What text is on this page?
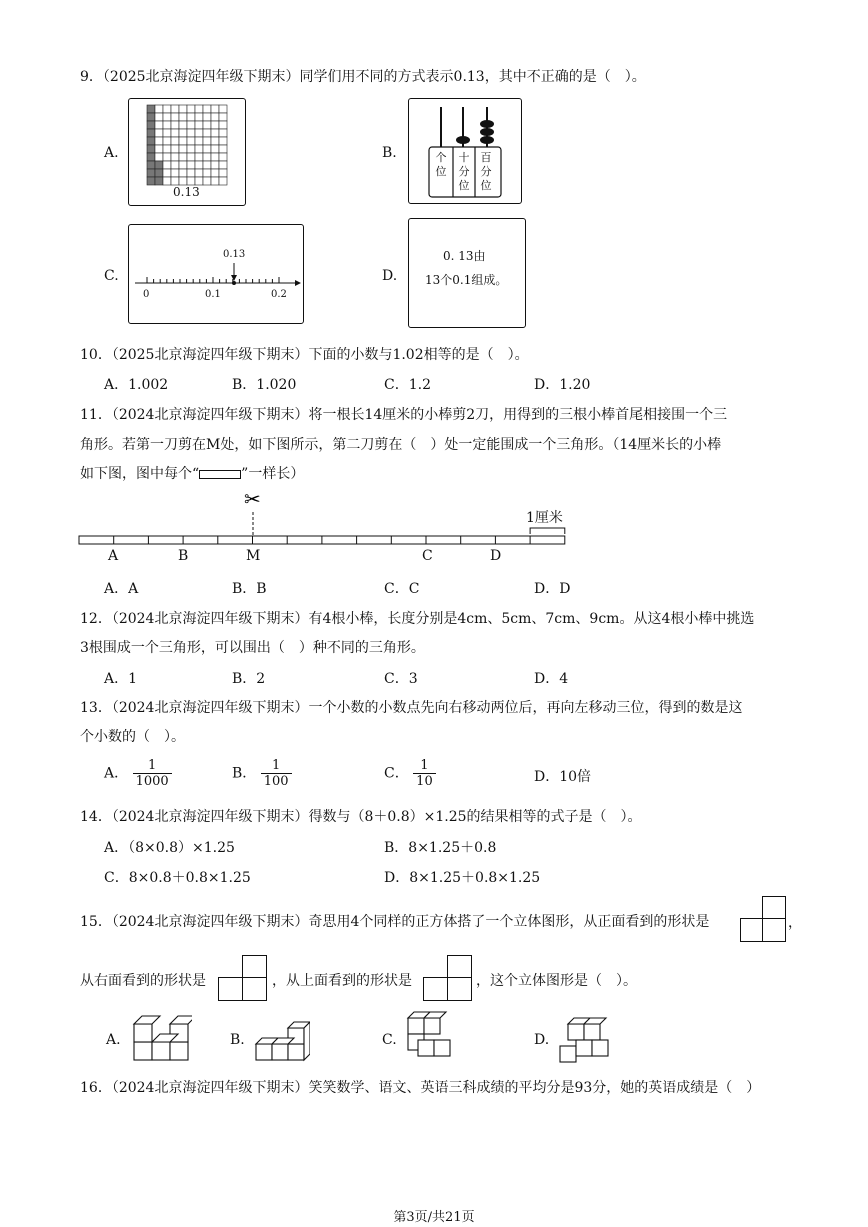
9．（2025北京海淀四年级下期末）同学们用不同的方式表示0.13，其中不正确的是（　）。
A.
0.13
B.	个位
十分位
百分位
C.
0.13
0	0.1	0.2
D.
0. 13由
13个0.1组成。
10．（2025北京海淀四年级下期末）下面的小数与1.02相等的是（　）。
A．1.002	B．1.020	C．1.2	D．1.20
11．（2024北京海淀四年级下期末）将一根长14厘米的小棒剪2刀，用得到的三根小棒首尾相接围一个三
角形。若第一刀剪在M处，如下图所示，第二刀剪在（　）处一定能围成一个三角形。（14厘米长的小棒
如下图，图中每个“	”一样长）
✂
1厘米
A	B	M	C	D
A．A	B．B	C．C	D．D
12．（2024北京海淀四年级下期末）有4根小棒，长度分别是4cm、5cm、7cm、9cm。从这4根小棒中挑选
3根围成一个三角形，可以围出（　）种不同的三角形。
A．1	B．2	C．3	D．4
13．（2024北京海淀四年级下期末）一个小数的小数点先向右移动两位后，再向左移动三位，得到的数是这
个小数的（　）。
A． $\frac{1}{1000}$	B． $\frac{1}{100}$	C． $\frac{1}{10}$	D．10倍
14．（2024北京海淀四年级下期末）得数与（8＋0.8）×1.25的结果相等的式子是（　）。
A．（8×0.8）×1.25	B．8×1.25＋0.8
C．8×0.8＋0.8×1.25	D．8×1.25＋0.8×1.25
15．（2024北京海淀四年级下期末）奇思用4个同样的正方体搭了一个立体图形，从正面看到的形状是	，
从右面看到的形状是	，从上面看到的形状是	，这个立体图形是（　）。
A.	B.	C.	D.
16．（2024北京海淀四年级下期末）笑笑数学、语文、英语三科成绩的平均分是93分，她的英语成绩是（　）
第3页/共21页
